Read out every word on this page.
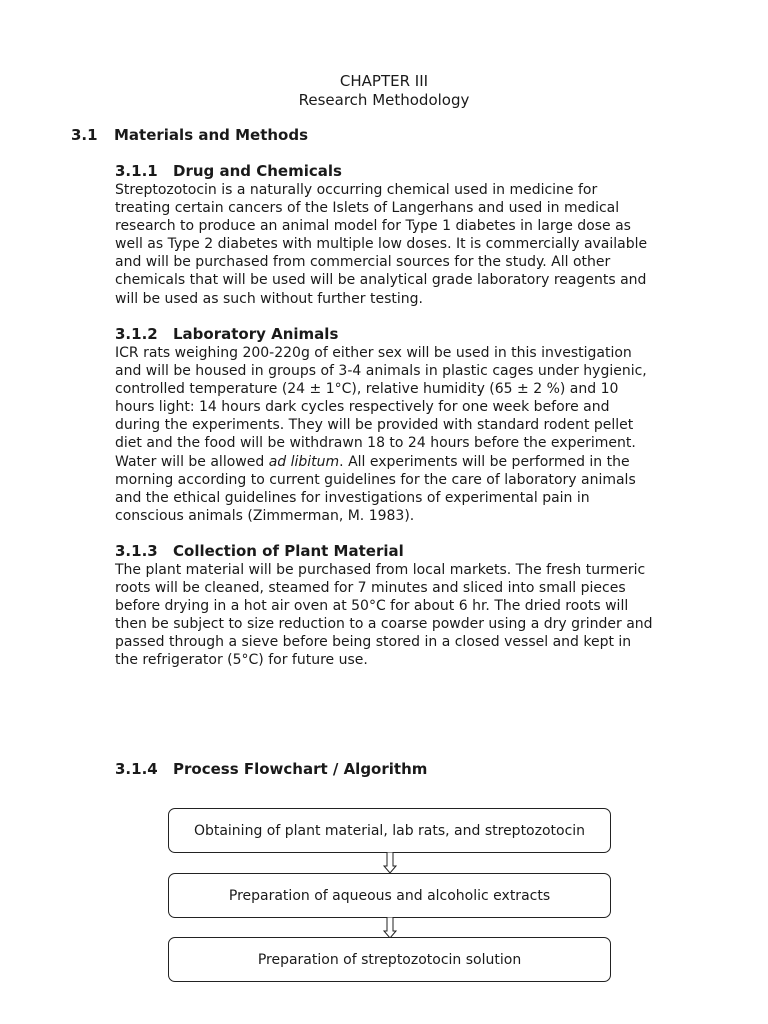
CHAPTER III
Research Methodology
3.1 Materials and Methods
3.1.1 Drug and Chemicals

Streptozotocin is a naturally occurring chemical used in medicine for
treating certain cancers of the Islets of Langerhans and used in medical
research to produce an animal model for Type 1 diabetes in large dose as
well as Type 2 diabetes with multiple low doses. It is commercially available
and will be purchased from commercial sources for the study. All other
chemicals that will be used will be analytical grade laboratory reagents and
will be used as such without further testing.

3.1.2 Laboratory Animals

ICR rats weighing 200-220g of either sex will be used in this investigation
and will be housed in groups of 3-4 animals in plastic cages under hygienic,
controlled temperature (24 ± 1°C), relative humidity (65 ± 2 %) and 10
hours light: 14 hours dark cycles respectively for one week before and
during the experiments. They will be provided with standard rodent pellet
diet and the food will be withdrawn 18 to 24 hours before the experiment.
Water will be allowed ad libitum. All experiments will be performed in the
morning according to current guidelines for the care of laboratory animals
and the ethical guidelines for investigations of experimental pain in
conscious animals (Zimmerman, M. 1983).

3.1.3 Collection of Plant Material

The plant material will be purchased from local markets. The fresh turmeric
roots will be cleaned, steamed for 7 minutes and sliced into small pieces
before drying in a hot air oven at 50°C for about 6 hr. The dried roots will
then be subject to size reduction to a coarse powder using a dry grinder and
passed through a sieve before being stored in a closed vessel and kept in
the refrigerator (5°C) for future use.

3.1.4 Process Flowchart / Algorithm
Obtaining of plant material, lab rats, and streptozotocin
Preparation of aqueous and alcoholic extracts
Preparation of streptozotocin solution
